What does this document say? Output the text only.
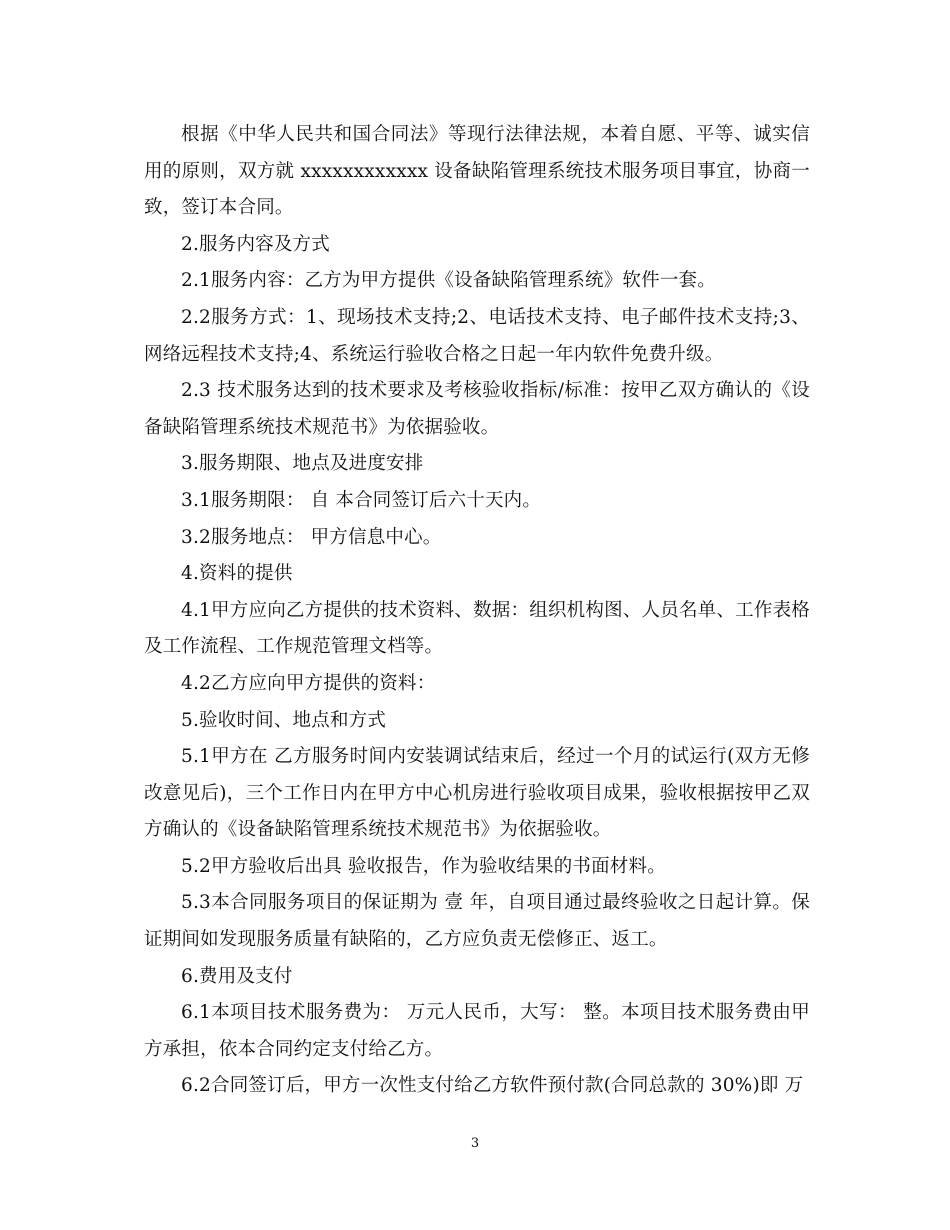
根据《中华人民共和国合同法》等现行法律法规，本着自愿、平等、诚实信用的原则，双方就 xxxxxxxxxxxx 设备缺陷管理系统技术服务项目事宜，协商一致，签订本合同。

2.服务内容及方式

2.1服务内容：乙方为甲方提供《设备缺陷管理系统》软件一套。

2.2服务方式：1、现场技术支持;2、电话技术支持、电子邮件技术支持;3、网络远程技术支持;4、系统运行验收合格之日起一年内软件免费升级。

2.3 技术服务达到的技术要求及考核验收指标/标准：按甲乙双方确认的《设备缺陷管理系统技术规范书》为依据验收。

3.服务期限、地点及进度安排

3.1服务期限： 自 本合同签订后六十天内。

3.2服务地点： 甲方信息中心。

4.资料的提供

4.1甲方应向乙方提供的技术资料、数据：组织机构图、人员名单、工作表格及工作流程、工作规范管理文档等。

4.2乙方应向甲方提供的资料：

5.验收时间、地点和方式

5.1甲方在 乙方服务时间内安装调试结束后，经过一个月的试运行(双方无修改意见后)，三个工作日内在甲方中心机房进行验收项目成果，验收根据按甲乙双方确认的《设备缺陷管理系统技术规范书》为依据验收。

5.2甲方验收后出具 验收报告，作为验收结果的书面材料。

5.3本合同服务项目的保证期为 壹 年，自项目通过最终验收之日起计算。保证期间如发现服务质量有缺陷的，乙方应负责无偿修正、返工。

6.费用及支付

6.1本项目技术服务费为： 万元人民币，大写： 整。本项目技术服务费由甲方承担，依本合同约定支付给乙方。

6.2合同签订后，甲方一次性支付给乙方软件预付款(合同总款的 30%)即 万

3
